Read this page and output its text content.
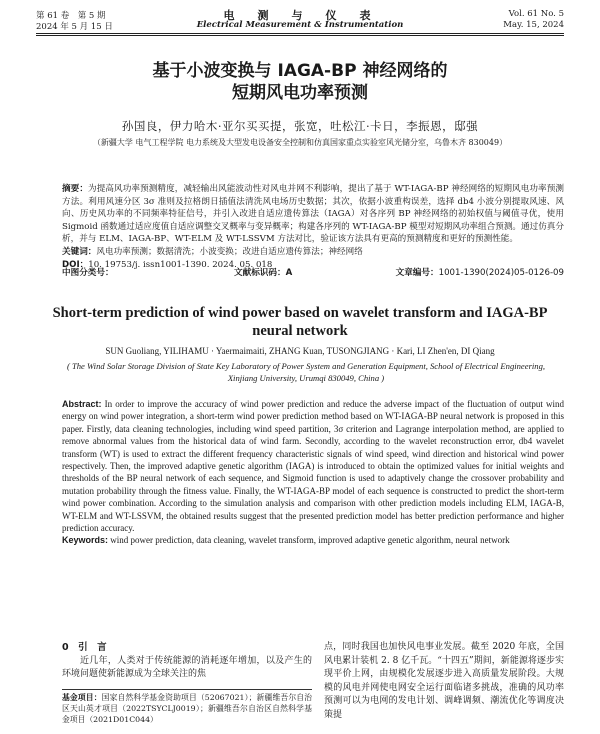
第 61 卷　第 5 期	电　测　与　仪　表	Vol. 61 No. 5
2024 年 5 月 15 日	Electrical Measurement & Instrumentation	May. 15, 2024
基于小波变换与 IAGA-BP 神经网络的
短期风电功率预测
孙国良，伊力哈木·亚尔买买提，张宽，吐松江·卡日，李振恩，邸强
（新疆大学 电气工程学院 电力系统及大型发电设备安全控制和仿真国家重点实验室风光储分室，乌鲁木齐 830049）
摘要：为提高风功率预测精度，减轻输出风能波动性对风电并网不利影响，提出了基于 WT-IAGA-BP 神经网络的短期风电功率预测方法。利用风速分区 3σ 准则及拉格朗日插值法清洗风电场历史数据；其次，依据小波重构误差，选择 db4 小波分别提取风速、风向、历史风功率的不同频率特征信号，并引入改进自适应遗传算法（IAGA）对各序列 BP 神经网络的初始权值与阈值寻优，使用 Sigmoid 函数通过适应度值自适应调整交叉概率与变异概率；构建各序列的 WT-IAGA-BP 模型对短期风功率组合预测。通过仿真分析，并与 ELM、IAGA-BP、WT-ELM 及 WT-LSSVM 方法对比，验证该方法具有更高的预测精度和更好的预测性能。
关键词：风电功率预测；数据清洗；小波变换；改进自适应遗传算法；神经网络
DOI：10. 19753/j. issn1001-1390. 2024. 05. 018
中图分类号：	文献标识码：A	文章编号：1001-1390(2024)05-0126-09
Short-term prediction of wind power based on wavelet transform and IAGA-BP neural network
SUN Guoliang, YILIHAMU · Yaermaimaiti, ZHANG Kuan, TUSONGJIANG · Kari, LI Zhen'en, DI Qiang
( The Wind Solar Storage Division of State Key Laboratory of Power System and Generation Equipment, School of Electrical Engineering, Xinjiang University, Urumqi 830049, China )
Abstract: In order to improve the accuracy of wind power prediction and reduce the adverse impact of the fluctuation of output wind energy on wind power integration, a short-term wind power prediction method based on WT-IAGA-BP neural network is proposed in this paper. Firstly, data cleaning technologies, including wind speed partition, 3σ criterion and Lagrange interpolation method, are applied to remove abnormal values from the historical data of wind farm. Secondly, according to the wavelet reconstruction error, db4 wavelet transform (WT) is used to extract the different frequency characteristic signals of wind speed, wind direction and historical wind power respectively. Then, the improved adaptive genetic algorithm (IAGA) is introduced to obtain the optimized values for initial weights and thresholds of the BP neural network of each sequence, and Sigmoid function is used to adaptively change the crossover probability and mutation probability through the fitness value. Finally, the WT-IAGA-BP model of each sequence is constructed to predict the short-term wind power combination. According to the simulation analysis and comparison with other prediction models including ELM, IAGA-B, WT-ELM and WT-LSSVM, the obtained results suggest that the presented prediction model has better prediction performance and higher prediction accuracy.
Keywords: wind power prediction, data cleaning, wavelet transform, improved adaptive genetic algorithm, neural network
0　引　言
近几年，人类对于传统能源的消耗逐年增加，以及产生的环境问题使新能源成为全球关注的焦
基金项目：国家自然科学基金资助项目（52067021）；新疆维吾尔自治区天山英才项目（2022TSYCLJ0019）；新疆维吾尔自治区自然科学基金项目（2021D01C044）
点，同时我国也加快风电事业发展。截至 2020 年底，全国风电累计装机 2. 8 亿千瓦。“十四五”期间，新能源将逐步实现平价上网，由规模化发展逐步进入高质量发展阶段。大规模的风电并网使电网安全运行面临诸多挑战，准确的风功率预测可以为电网的发电计划、调峰调频、潮流优化等调度决策提
